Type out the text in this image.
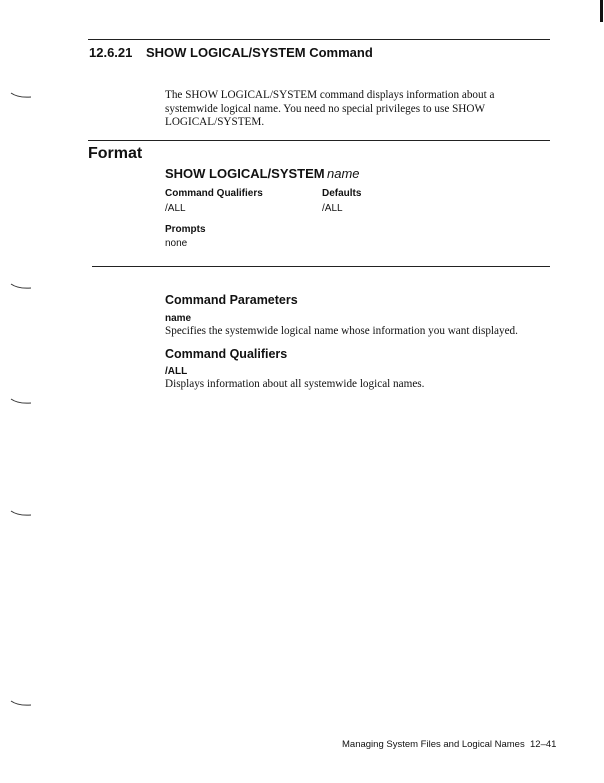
12.6.21 SHOW LOGICAL/SYSTEM Command
The SHOW LOGICAL/SYSTEM command displays information about a
systemwide logical name. You need no special privileges to use SHOW
LOGICAL/SYSTEM.
Format
SHOW LOGICAL/SYSTEM name
Command Qualifiers	Defaults
/ALL	/ALL
Prompts
none
Command Parameters
name
Specifies the systemwide logical name whose information you want displayed.
Command Qualifiers
/ALL
Displays information about all systemwide logical names.
Managing System Files and Logical Names 12–41
